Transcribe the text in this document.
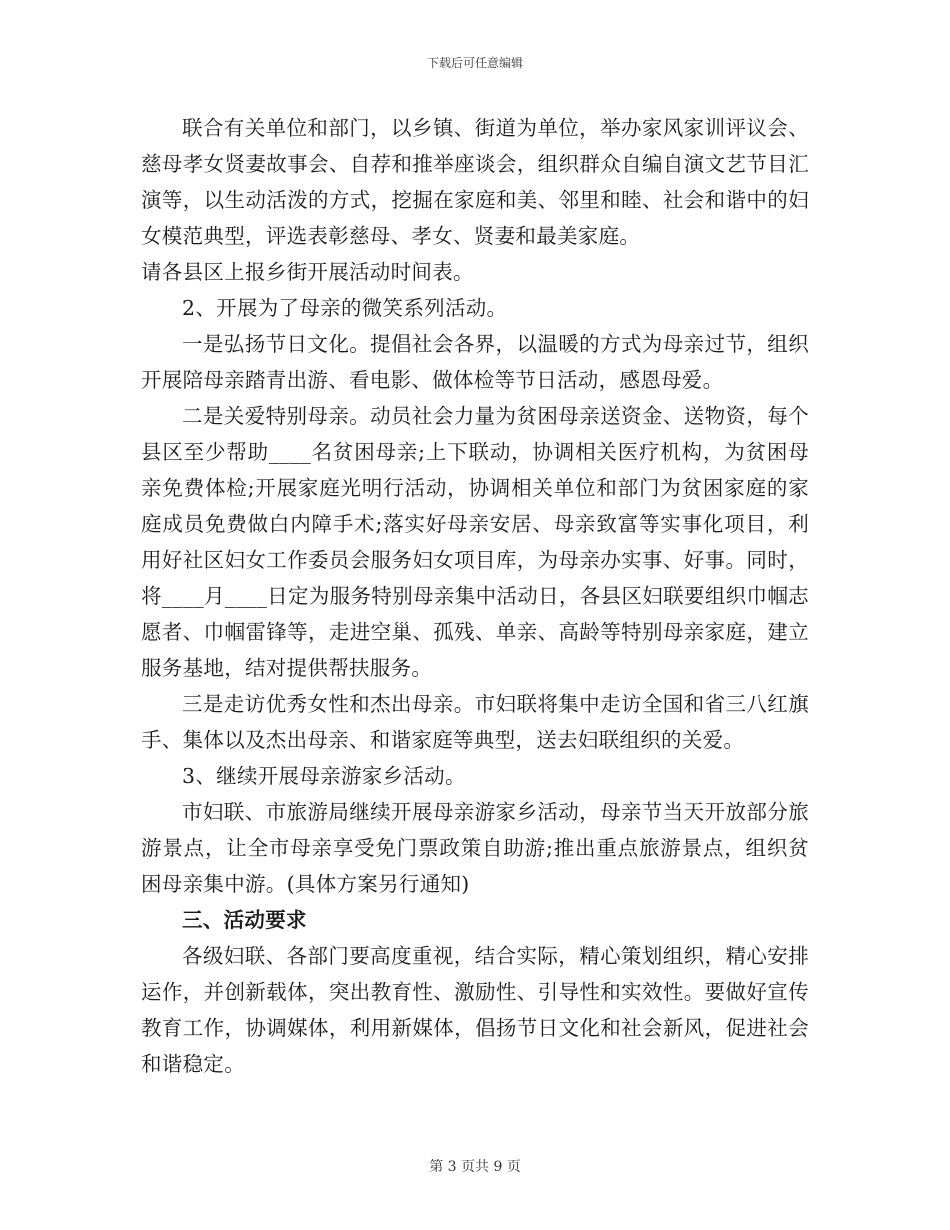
下载后可任意编辑

联合有关单位和部门，以乡镇、街道为单位，举办家风家训评议会、慈母孝女贤妻故事会、自荐和推举座谈会，组织群众自编自演文艺节目汇演等，以生动活泼的方式，挖掘在家庭和美、邻里和睦、社会和谐中的妇女模范典型，评选表彰慈母、孝女、贤妻和最美家庭。

请各县区上报乡街开展活动时间表。

2、开展为了母亲的微笑系列活动。

一是弘扬节日文化。提倡社会各界，以温暖的方式为母亲过节，组织开展陪母亲踏青出游、看电影、做体检等节日活动，感恩母爱。

二是关爱特别母亲。动员社会力量为贫困母亲送资金、送物资，每个县区至少帮助____名贫困母亲;上下联动，协调相关医疗机构，为贫困母亲免费体检;开展家庭光明行活动，协调相关单位和部门为贫困家庭的家庭成员免费做白内障手术;落实好母亲安居、母亲致富等实事化项目，利用好社区妇女工作委员会服务妇女项目库，为母亲办实事、好事。同时，将____月____日定为服务特别母亲集中活动日，各县区妇联要组织巾帼志愿者、巾帼雷锋等，走进空巢、孤残、单亲、高龄等特别母亲家庭，建立服务基地，结对提供帮扶服务。

三是走访优秀女性和杰出母亲。市妇联将集中走访全国和省三八红旗手、集体以及杰出母亲、和谐家庭等典型，送去妇联组织的关爱。

3、继续开展母亲游家乡活动。

市妇联、市旅游局继续开展母亲游家乡活动，母亲节当天开放部分旅游景点，让全市母亲享受免门票政策自助游;推出重点旅游景点，组织贫困母亲集中游。(具体方案另行通知)

三、活动要求

各级妇联、各部门要高度重视，结合实际，精心策划组织，精心安排运作，并创新载体，突出教育性、激励性、引导性和实效性。要做好宣传教育工作，协调媒体，利用新媒体，倡扬节日文化和社会新风，促进社会和谐稳定。

第 3 页共 9 页
